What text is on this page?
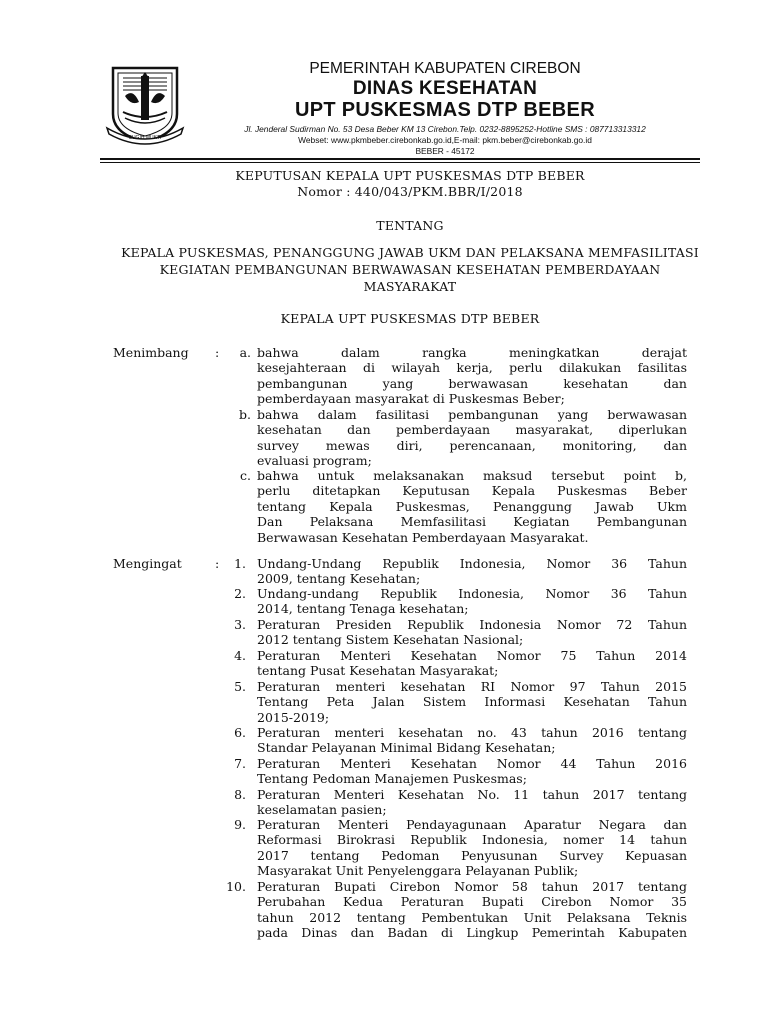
SUGIH MUKTI
PEMERINTAH KABUPATEN CIREBON
DINAS KESEHATAN
UPT PUSKESMAS DTP BEBER
Jl. Jenderal Sudirman No. 53 Desa Beber KM 13 Cirebon.Telp. 0232-8895252-Hotline SMS : 087713313312
Webset: www.pkmbeber.cirebonkab.go.id,E-mail: pkm.beber@cirebonkab.go.id
BEBER - 45172
KEPUTUSAN KEPALA UPT PUSKESMAS DTP BEBER
Nomor : 440/043/PKM.BBR/I/2018
TENTANG
KEPALA PUSKESMAS, PENANGGUNG JAWAB UKM DAN PELAKSANA MEMFASILITASI
KEGIATAN PEMBANGUNAN BERWAWASAN KESEHATAN PEMBERDAYAAN
MASYARAKAT
KEPALA UPT PUSKESMAS DTP BEBER
Menimbang :	a. bahwa dalam rangka meningkatkan derajat
kesejahteraan di wilayah kerja, perlu dilakukan fasilitas
pembangunan yang berwawasan kesehatan dan
pemberdayaan masyarakat di Puskesmas Beber;
b. bahwa dalam fasilitasi pembangunan yang berwawasan
kesehatan dan pemberdayaan masyarakat, diperlukan
survey mewas diri, perencanaan, monitoring, dan
evaluasi program;
c. bahwa untuk melaksanakan maksud tersebut point b,
perlu ditetapkan Keputusan Kepala Puskesmas Beber
tentang Kepala Puskesmas, Penanggung Jawab Ukm
Dan Pelaksana Memfasilitasi Kegiatan Pembangunan
Berwawasan Kesehatan Pemberdayaan Masyarakat.
Mengingat	:	1. Undang-Undang Republik Indonesia, Nomor 36 Tahun
2009, tentang Kesehatan;
2. Undang-undang Republik Indonesia, Nomor 36 Tahun
2014, tentang Tenaga kesehatan;
3. Peraturan Presiden Republik Indonesia Nomor 72 Tahun
2012 tentang Sistem Kesehatan Nasional;
4. Peraturan Menteri Kesehatan Nomor 75 Tahun 2014
tentang Pusat Kesehatan Masyarakat;
5. Peraturan menteri kesehatan RI Nomor 97 Tahun 2015
Tentang Peta Jalan Sistem Informasi Kesehatan Tahun
2015-2019;
6. Peraturan menteri kesehatan no. 43 tahun 2016 tentang
Standar Pelayanan Minimal Bidang Kesehatan;
7. Peraturan Menteri Kesehatan Nomor 44 Tahun 2016
Tentang Pedoman Manajemen Puskesmas;
8. Peraturan Menteri Kesehatan No. 11 tahun 2017 tentang
keselamatan pasien;
9. Peraturan Menteri Pendayagunaan Aparatur Negara dan
Reformasi Birokrasi Republik Indonesia, nomer 14 tahun
2017 tentang Pedoman Penyusunan Survey Kepuasan
Masyarakat Unit Penyelenggara Pelayanan Publik;
10. Peraturan Bupati Cirebon Nomor 58 tahun 2017 tentang
Perubahan Kedua Peraturan Bupati Cirebon Nomor 35
tahun 2012 tentang Pembentukan Unit Pelaksana Teknis
pada Dinas dan Badan di Lingkup Pemerintah Kabupaten
